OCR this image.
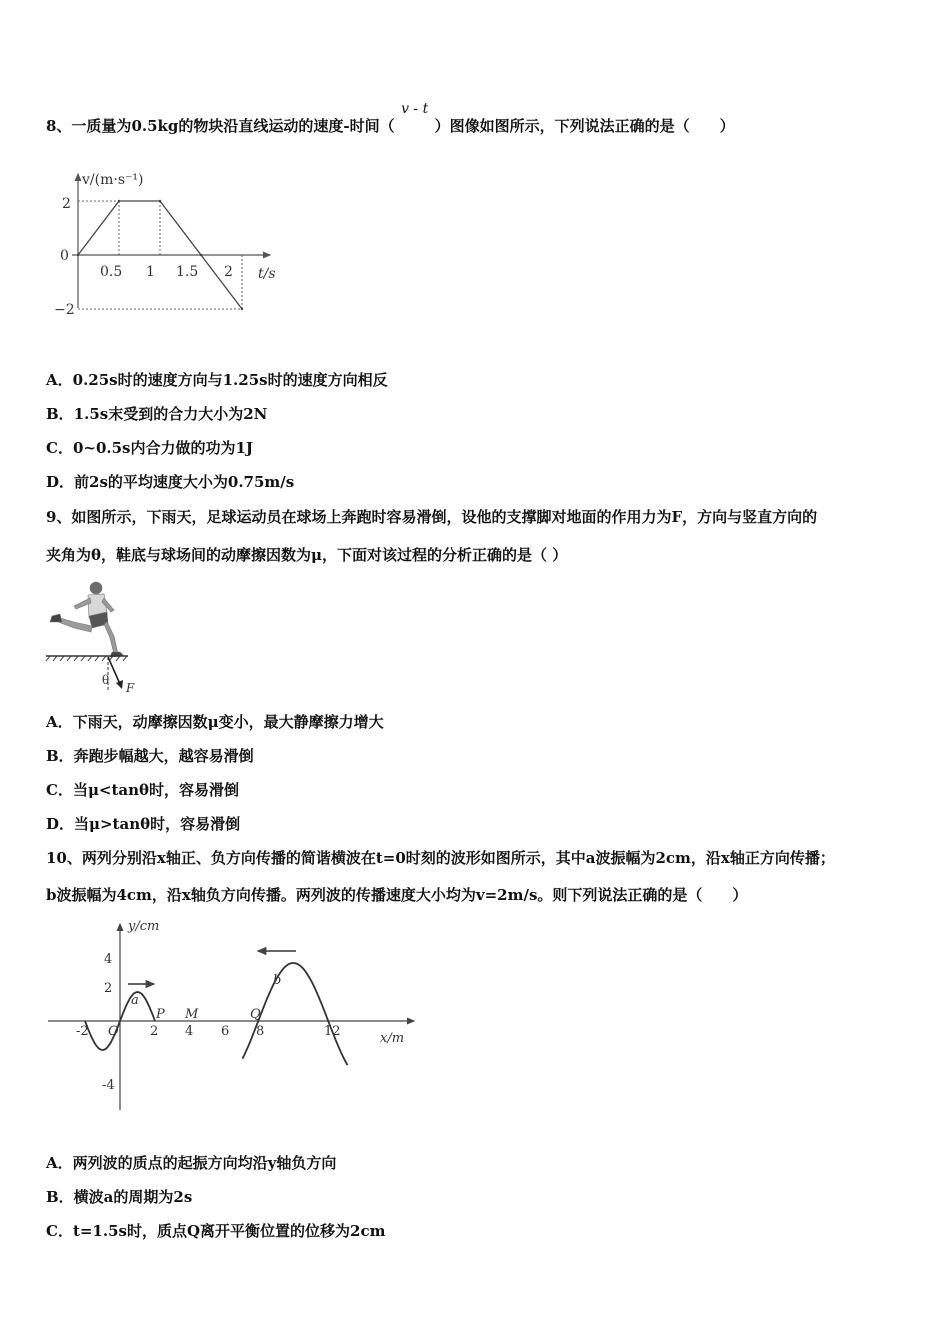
8、一质量为0.5kg的物块沿直线运动的速度-时间（v - t）图像如图所示，下列说法正确的是（　　）
v/(m·s⁻¹)
t/s
0
2
−2
0.5 1 1.5 2
A．0.25s时的速度方向与1.25s时的速度方向相反
B．1.5s末受到的合力大小为2N
C．0~0.5s内合力做的功为1J
D．前2s的平均速度大小为0.75m/s
9、如图所示，下雨天，足球运动员在球场上奔跑时容易滑倒，设他的支撑脚对地面的作用力为F，方向与竖直方向的
夹角为θ，鞋底与球场间的动摩擦因数为μ，下面对该过程的分析正确的是（ ）
θ
F
A．下雨天，动摩擦因数μ变小，最大静摩擦力增大
B．奔跑步幅越大，越容易滑倒
C．当μ<tanθ时，容易滑倒
D．当μ>tanθ时，容易滑倒
10、两列分别沿x轴正、负方向传播的简谐横波在t=0时刻的波形如图所示，其中a波振幅为2cm，沿x轴正方向传播；
b波振幅为4cm，沿x轴负方向传播。两列波的传播速度大小均为v=2m/s。则下列说法正确的是（　　）
y/cm
x/m
O
4
2
-4
-2	2 4 6 8	12
a
b
P M	Q
A．两列波的质点的起振方向均沿y轴负方向
B．横波a的周期为2s
C．t=1.5s时，质点Q离开平衡位置的位移为2cm
